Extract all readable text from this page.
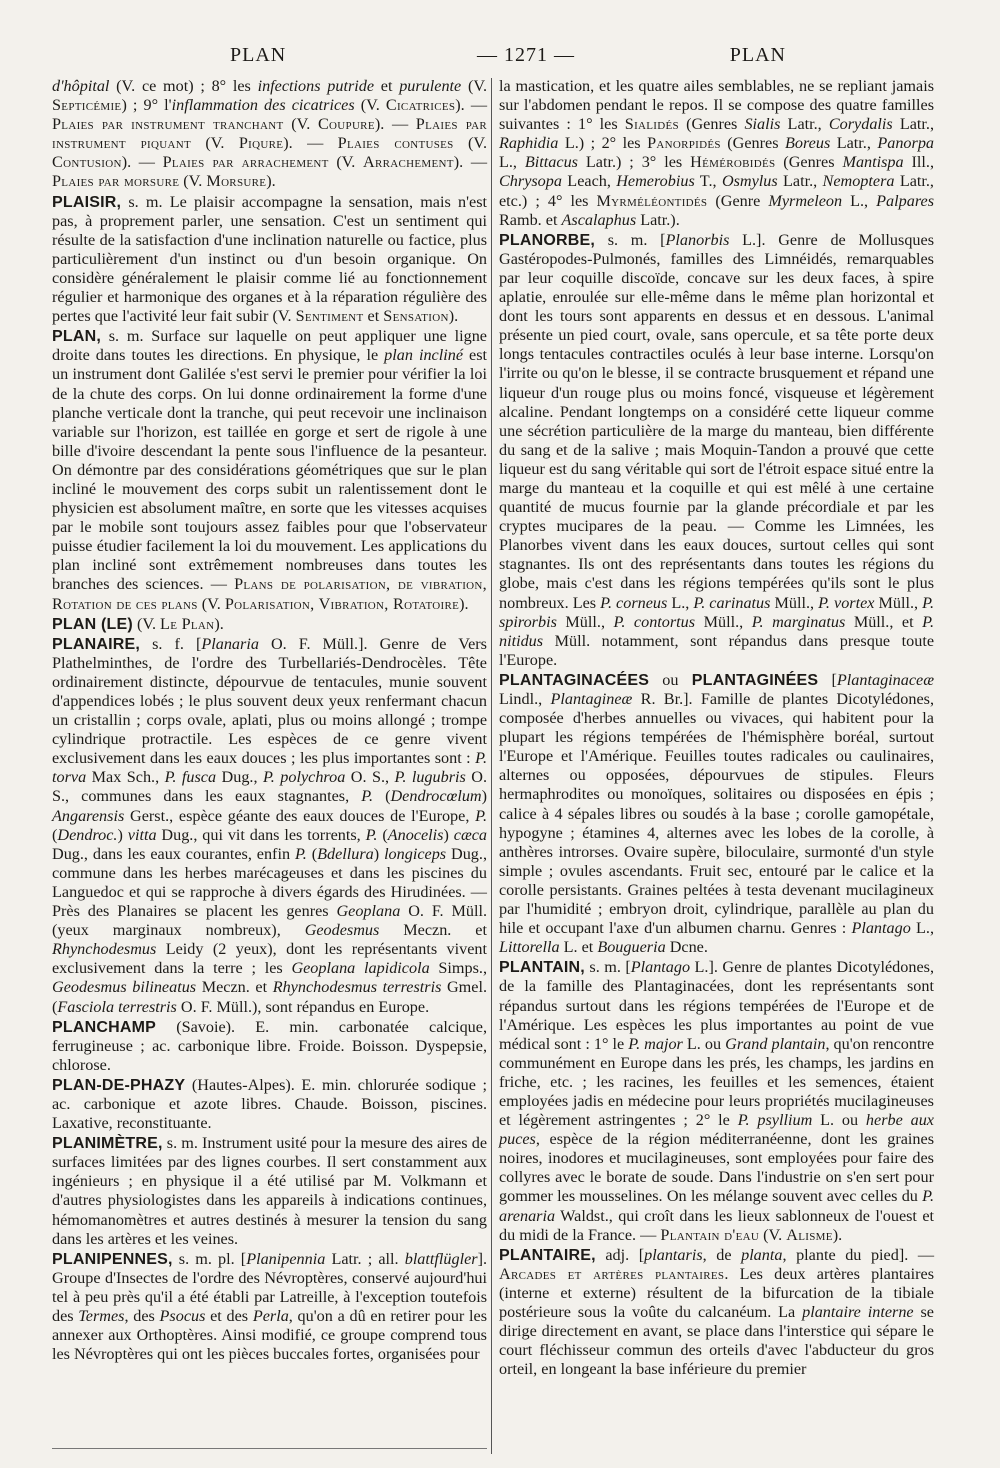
PLAN	— 1271 —	PLAN

d'hôpital (V. ce mot) ; 8° les infections putride et purulente (V. Septicémie) ; 9° l'inflammation des cicatrices (V. Cicatrices). — Plaies par instrument tranchant (V. Coupure). — Plaies par instrument piquant (V. Piqure). — Plaies contuses (V. Contusion). — Plaies par arrachement (V. Arrachement). — Plaies par morsure (V. Morsure).

PLAISIR, s. m. Le plaisir accompagne la sensation, mais n'est pas, à proprement parler, une sensation. C'est un sentiment qui résulte de la satisfaction d'une inclination naturelle ou factice, plus particulièrement d'un instinct ou d'un besoin organique. On considère généralement le plaisir comme lié au fonctionnement régulier et harmonique des organes et à la réparation régulière des pertes que l'activité leur fait subir (V. Sentiment et Sensation).

PLAN, s. m. Surface sur laquelle on peut appliquer une ligne droite dans toutes les directions. En physique, le plan incliné est un instrument dont Galilée s'est servi le premier pour vérifier la loi de la chute des corps. On lui donne ordinairement la forme d'une planche verticale dont la tranche, qui peut recevoir une inclinaison variable sur l'horizon, est taillée en gorge et sert de rigole à une bille d'ivoire descendant la pente sous l'influence de la pesanteur. On démontre par des considérations géométriques que sur le plan incliné le mouvement des corps subit un ralentissement dont le physicien est absolument maître, en sorte que les vitesses acquises par le mobile sont toujours assez faibles pour que l'observateur puisse étudier facilement la loi du mouvement. Les applications du plan incliné sont extrêmement nombreuses dans toutes les branches des sciences. — Plans de polarisation, de vibration, Rotation de ces plans (V. Polarisation, Vibration, Rotatoire).

PLAN (LE) (V. Le Plan).

PLANAIRE, s. f. [Planaria O. F. Müll.]. Genre de Vers Plathelminthes, de l'ordre des Turbellariés-Dendrocèles. Tête ordinairement distincte, dépourvue de tentacules, munie souvent d'appendices lobés ; le plus souvent deux yeux renfermant chacun un cristallin ; corps ovale, aplati, plus ou moins allongé ; trompe cylindrique protractile. Les espèces de ce genre vivent exclusivement dans les eaux douces ; les plus importantes sont : P. torva Max Sch., P. fusca Dug., P. polychroa O. S., P. lugubris O. S., communes dans les eaux stagnantes, P. (Dendrocœlum) Angarensis Gerst., espèce géante des eaux douces de l'Europe, P. (Dendroc.) vitta Dug., qui vit dans les torrents, P. (Anocelis) cæca Dug., dans les eaux courantes, enfin P. (Bdellura) longiceps Dug., commune dans les herbes marécageuses et dans les piscines du Languedoc et qui se rapproche à divers égards des Hirudinées. — Près des Planaires se placent les genres Geoplana O. F. Müll. (yeux marginaux nombreux), Geodesmus Meczn. et Rhynchodesmus Leidy (2 yeux), dont les représentants vivent exclusivement dans la terre ; les Geoplana lapidicola Simps., Geodesmus bilineatus Meczn. et Rhynchodesmus terrestris Gmel. (Fasciola terrestris O. F. Müll.), sont répandus en Europe.

PLANCHAMP (Savoie). E. min. carbonatée calcique, ferrugineuse ; ac. carbonique libre. Froide. Boisson. Dyspepsie, chlorose.

PLAN-DE-PHAZY (Hautes-Alpes). E. min. chlorurée sodique ; ac. carbonique et azote libres. Chaude. Boisson, piscines. Laxative, reconstituante.

PLANIMÈTRE, s. m. Instrument usité pour la mesure des aires de surfaces limitées par des lignes courbes. Il sert constamment aux ingénieurs ; en physique il a été utilisé par M. Volkmann et d'autres physiologistes dans les appareils à indications continues, hémomanomètres et autres destinés à mesurer la tension du sang dans les artères et les veines.

PLANIPENNES, s. m. pl. [Planipennia Latr. ; all. blattflügler]. Groupe d'Insectes de l'ordre des Névroptères, conservé aujourd'hui tel à peu près qu'il a été établi par Latreille, à l'exception toutefois des Termes, des Psocus et des Perla, qu'on a dû en retirer pour les annexer aux Orthoptères. Ainsi modifié, ce groupe comprend tous les Névroptères qui ont les pièces buccales fortes, organisées pour

la mastication, et les quatre ailes semblables, ne se repliant jamais sur l'abdomen pendant le repos. Il se compose des quatre familles suivantes : 1° les Sialidés (Genres Sialis Latr., Corydalis Latr., Raphidia L.) ; 2° les Panorpidés (Genres Boreus Latr., Panorpa L., Bittacus Latr.) ; 3° les Hémérobidés (Genres Mantispa Ill., Chrysopa Leach, Hemerobius T., Osmylus Latr., Nemoptera Latr., etc.) ; 4° les Myrméléontidés (Genre Myrmeleon L., Palpares Ramb. et Ascalaphus Latr.).

PLANORBE, s. m. [Planorbis L.]. Genre de Mollusques Gastéropodes-Pulmonés, familles des Limnéidés, remarquables par leur coquille discoïde, concave sur les deux faces, à spire aplatie, enroulée sur elle-même dans le même plan horizontal et dont les tours sont apparents en dessus et en dessous. L'animal présente un pied court, ovale, sans opercule, et sa tête porte deux longs tentacules contractiles oculés à leur base interne. Lorsqu'on l'irrite ou qu'on le blesse, il se contracte brusquement et répand une liqueur d'un rouge plus ou moins foncé, visqueuse et légèrement alcaline. Pendant longtemps on a considéré cette liqueur comme une sécrétion particulière de la marge du manteau, bien différente du sang et de la salive ; mais Moquin-Tandon a prouvé que cette liqueur est du sang véritable qui sort de l'étroit espace situé entre la marge du manteau et la coquille et qui est mêlé à une certaine quantité de mucus fournie par la glande précordiale et par les cryptes mucipares de la peau. — Comme les Limnées, les Planorbes vivent dans les eaux douces, surtout celles qui sont stagnantes. Ils ont des représentants dans toutes les régions du globe, mais c'est dans les régions tempérées qu'ils sont le plus nombreux. Les P. corneus L., P. carinatus Müll., P. vortex Müll., P. spirorbis Müll., P. contortus Müll., P. marginatus Müll., et P. nitidus Müll. notamment, sont répandus dans presque toute l'Europe.

PLANTAGINACÉES ou PLANTAGINÉES [Plantaginaceæ Lindl., Plantagineæ R. Br.]. Famille de plantes Dicotylédones, composée d'herbes annuelles ou vivaces, qui habitent pour la plupart les régions tempérées de l'hémisphère boréal, surtout l'Europe et l'Amérique. Feuilles toutes radicales ou caulinaires, alternes ou opposées, dépourvues de stipules. Fleurs hermaphrodites ou monoïques, solitaires ou disposées en épis ; calice à 4 sépales libres ou soudés à la base ; corolle gamopétale, hypogyne ; étamines 4, alternes avec les lobes de la corolle, à anthères introrses. Ovaire supère, biloculaire, surmonté d'un style simple ; ovules ascendants. Fruit sec, entouré par le calice et la corolle persistants. Graines peltées à testa devenant mucilagineux par l'humidité ; embryon droit, cylindrique, parallèle au plan du hile et occupant l'axe d'un albumen charnu. Genres : Plantago L., Littorella L. et Bougueria Dcne.

PLANTAIN, s. m. [Plantago L.]. Genre de plantes Dicotylédones, de la famille des Plantaginacées, dont les représentants sont répandus surtout dans les régions tempérées de l'Europe et de l'Amérique. Les espèces les plus importantes au point de vue médical sont : 1° le P. major L. ou Grand plantain, qu'on rencontre communément en Europe dans les prés, les champs, les jardins en friche, etc. ; les racines, les feuilles et les semences, étaient employées jadis en médecine pour leurs propriétés mucilagineuses et légèrement astringentes ; 2° le P. psyllium L. ou herbe aux puces, espèce de la région méditerranéenne, dont les graines noires, inodores et mucilagineuses, sont employées pour faire des collyres avec le borate de soude. Dans l'industrie on s'en sert pour gommer les mousselines. On les mélange souvent avec celles du P. arenaria Waldst., qui croît dans les lieux sablonneux de l'ouest et du midi de la France. — Plantain d'eau (V. Alisme).

PLANTAIRE, adj. [plantaris, de planta, plante du pied]. — Arcades et artères plantaires. Les deux artères plantaires (interne et externe) résultent de la bifurcation de la tibiale postérieure sous la voûte du calcanéum. La plantaire interne se dirige directement en avant, se place dans l'interstice qui sépare le court fléchisseur commun des orteils d'avec l'abducteur du gros orteil, en longeant la base inférieure du premier
